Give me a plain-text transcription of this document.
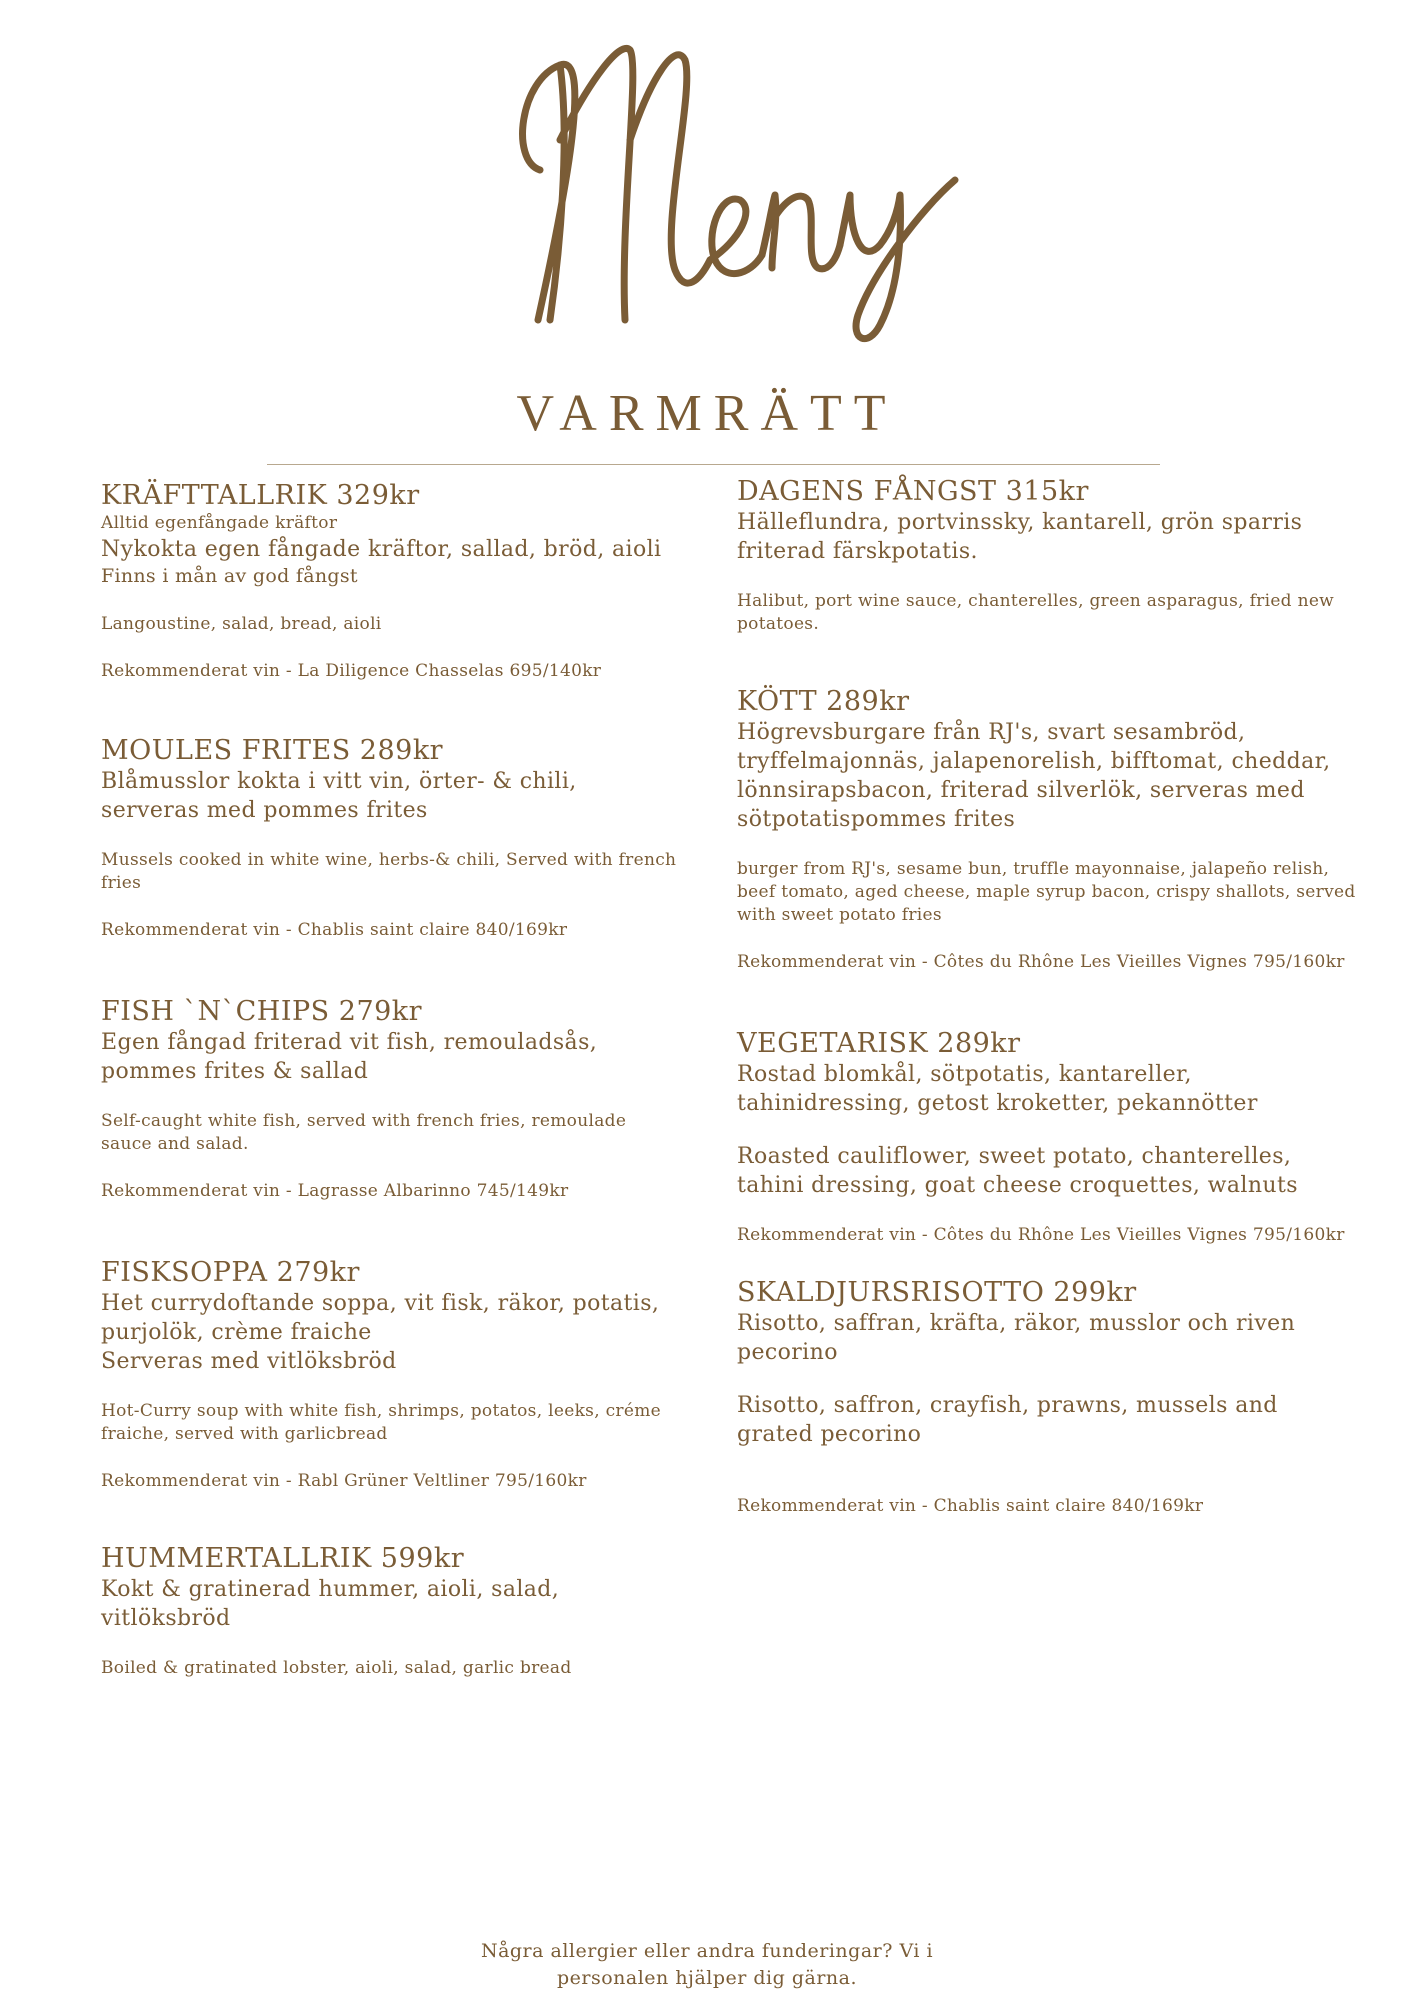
VARMRÄTT

KRÄFTTALLRIK 329kr

Alltid egenfångade kräftor

Nykokta egen fångade kräftor, sallad, bröd, aioli

Finns i mån av god fångst

Langoustine, salad, bread, aioli

Rekommenderat vin - La Diligence Chasselas 695/140kr

MOULES FRITES 289kr

Blåmusslor kokta i vitt vin, örter- & chili, serveras med pommes frites

Mussels cooked in white wine, herbs-& chili, Served with french fries

Rekommenderat vin - Chablis saint claire 840/169kr

FISH `N`CHIPS 279kr

Egen fångad friterad vit fish, remouladsås, pommes frites & sallad

Self-caught white fish, served with french fries, remoulade sauce and salad.

Rekommenderat vin - Lagrasse Albarinno 745/149kr

FISKSOPPA 279kr

Het currydoftande soppa, vit fisk, räkor, potatis, purjolök, crème fraiche

Serveras med vitlöksbröd

Hot-Curry soup with white fish, shrimps, potatos, leeks, créme fraiche, served with garlicbread

Rekommenderat vin - Rabl Grüner Veltliner 795/160kr

HUMMERTALLRIK 599kr

Kokt & gratinerad hummer, aioli, salad, vitlöksbröd

Boiled & gratinated lobster, aioli, salad, garlic bread

DAGENS FÅNGST 315kr

Hälleflundra, portvinssky, kantarell, grön sparris friterad färskpotatis.

Halibut, port wine sauce, chanterelles, green asparagus, fried new potatoes.

KÖTT 289kr

Högrevsburgare från RJ's, svart sesambröd, tryffelmajonnäs, jalapenorelish, bifftomat, cheddar, lönnsirapsbacon, friterad silverlök, serveras med sötpotatispommes frites

burger from RJ's, sesame bun, truffle mayonnaise, jalapeño relish, beef tomato, aged cheese, maple syrup bacon, crispy shallots, served with sweet potato fries

Rekommenderat vin - Côtes du Rhône Les Vieilles Vignes 795/160kr

VEGETARISK 289kr

Rostad blomkål, sötpotatis, kantareller, tahinidressing, getost kroketter, pekannötter

Roasted cauliflower, sweet potato, chanterelles, tahini dressing, goat cheese croquettes, walnuts

Rekommenderat vin - Côtes du Rhône Les Vieilles Vignes 795/160kr

SKALDJURSRISOTTO 299kr

Risotto, saffran, kräfta, räkor, musslor och riven pecorino

Risotto, saffron, crayfish, prawns, mussels and grated pecorino

Rekommenderat vin - Chablis saint claire 840/169kr

Några allergier eller andra funderingar? Vi i personalen hjälper dig gärna.
